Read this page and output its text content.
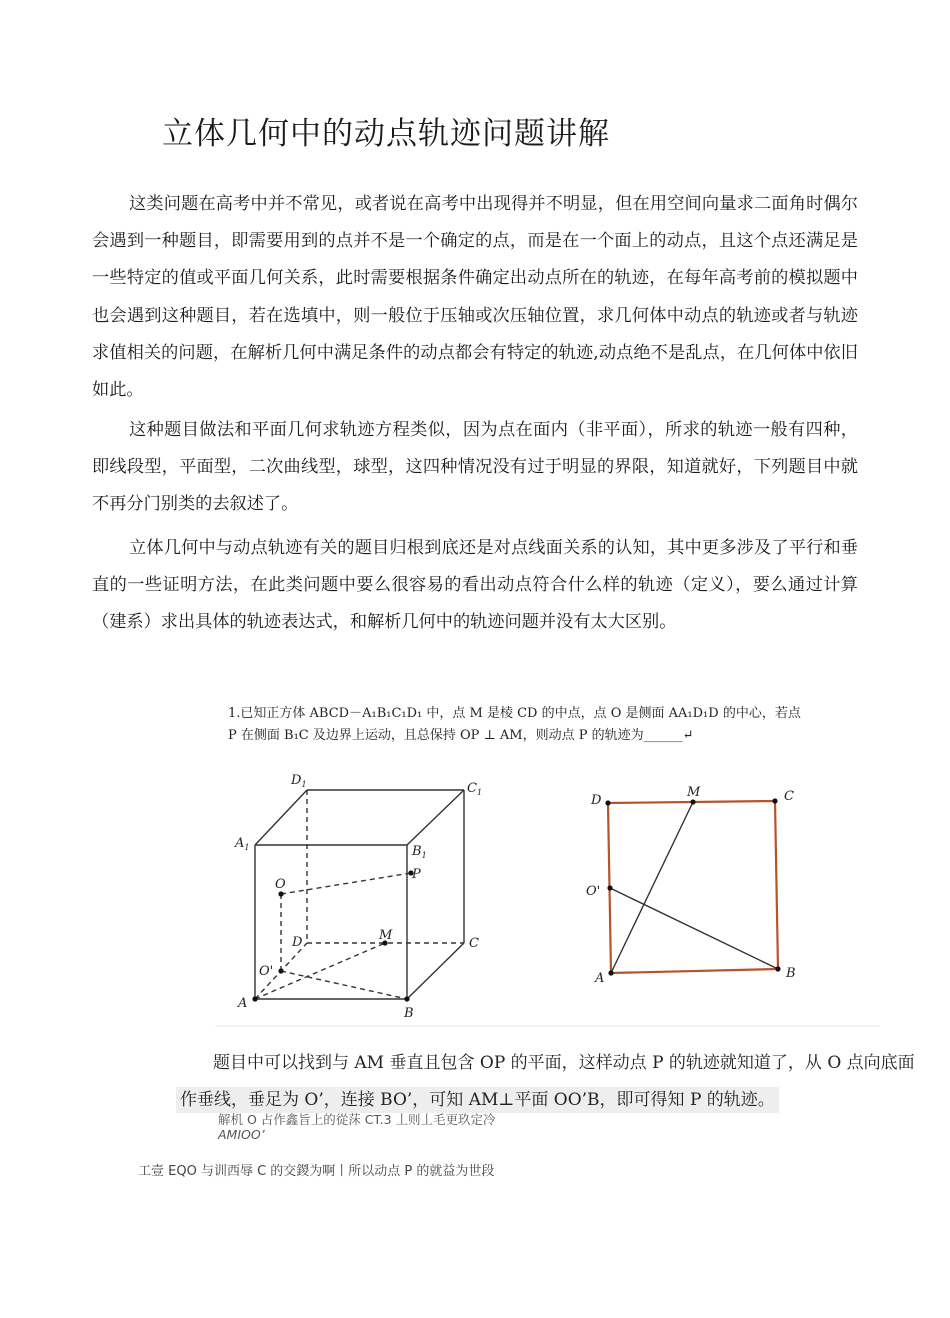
立体几何中的动点轨迹问题讲解

这类问题在高考中并不常见，或者说在高考中出现得并不明显，但在用空间向量求二面角时偶尔会遇到一种题目，即需要用到的点并不是一个确定的点，而是在一个面上的动点，且这个点还满足是一些特定的值或平面几何关系，此时需要根据条件确定出动点所在的轨迹，在每年高考前的模拟题中也会遇到这种题目，若在选填中，则一般位于压轴或次压轴位置，求几何体中动点的轨迹或者与轨迹求值相关的问题，在解析几何中满足条件的动点都会有特定的轨迹,动点绝不是乱点，在几何体中依旧如此。

这种题目做法和平面几何求轨迹方程类似，因为点在面内（非平面），所求的轨迹一般有四种，即线段型，平面型，二次曲线型，球型，这四种情况没有过于明显的界限，知道就好，下列题目中就不再分门别类的去叙述了。

立体几何中与动点轨迹有关的题目归根到底还是对点线面关系的认知，其中更多涉及了平行和垂直的一些证明方法，在此类问题中要么很容易的看出动点符合什么样的轨迹（定义），要么通过计算（建系）求出具体的轨迹表达式，和解析几何中的轨迹问题并没有太大区别。

1.已知正方体 ABCD－A₁B₁C₁D₁ 中，点 M 是棱 CD 的中点，点 O 是侧面 AA₁D₁D 的中心，若点
P 在侧面 B₁C 及边界上运动，且总保持 OP ⊥ AM，则动点 P 的轨迹为______↵
$D_1$	$C_1$
$A_1$	$B_1$
O
P
D	M
C
O'
A
B
D
M	C
O'
A	B
题目中可以找到与 AM 垂直且包含 OP 的平面，这样动点 P 的轨迹就知道了，从 O 点向底面
作垂线，垂足为 O’，连接 BO’，可知 AM⊥平面 OO’B，即可得知 P 的轨迹。
解机 O 占作鑫旨上的從莯 CT.3 丄则丄毛更玖定冷
AMIOO’
工壹 EQO 与训西辱 C 的交鍐为啊丨所以动点 P 的就益为世段
